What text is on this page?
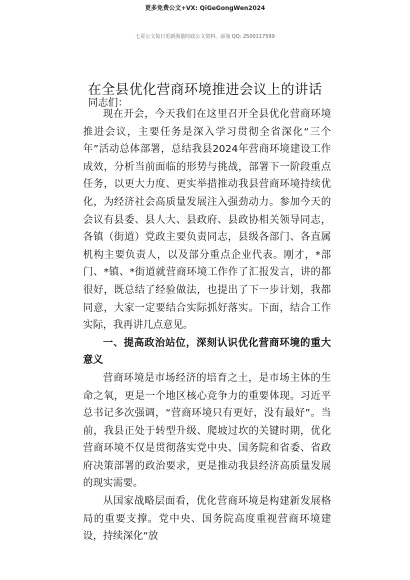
更多免费公文+VX: QiGeGongWen2024
七哥公文每日更新海量时政公文资料，添加 QQ: 2500117599
在全县优化营商环境推进会议上的讲话
同志们：

现在开会，今天我们在这里召开全县优化营商环境推进会议，主要任务是深入学习贯彻全省深化“三个年”活动总体部署，总结我县2024年营商环境建设工作成效，分析当前面临的形势与挑战，部署下一阶段重点任务，以更大力度、更实举措推动我县营商环境持续优化，为经济社会高质量发展注入强劲动力。参加今天的会议有县委、县人大、县政府、县政协相关领导同志，各镇（街道）党政主要负责同志，县级各部门、各直属机构主要负责人，以及部分重点企业代表。刚才，*部门、*镇、*街道就营商环境工作作了汇报发言，讲的都很好，既总结了经验做法，也提出了下一步计划，我都同意，大家一定要结合实际抓好落实。下面，结合工作实际，我再讲几点意见。

一、提高政治站位，深刻认识优化营商环境的重大意义

营商环境是市场经济的培育之土，是市场主体的生命之氧，更是一个地区核心竞争力的重要体现。习近平总书记多次强调，“营商环境只有更好，没有最好”。当前，我县正处于转型升级、爬坡过坎的关键时期，优化营商环境不仅是贯彻落实党中央、国务院和省委、省政府决策部署的政治要求，更是推动我县经济高质量发展的现实需要。

从国家战略层面看，优化营商环境是构建新发展格局的重要支撑。党中央、国务院高度重视营商环境建设，持续深化“放
